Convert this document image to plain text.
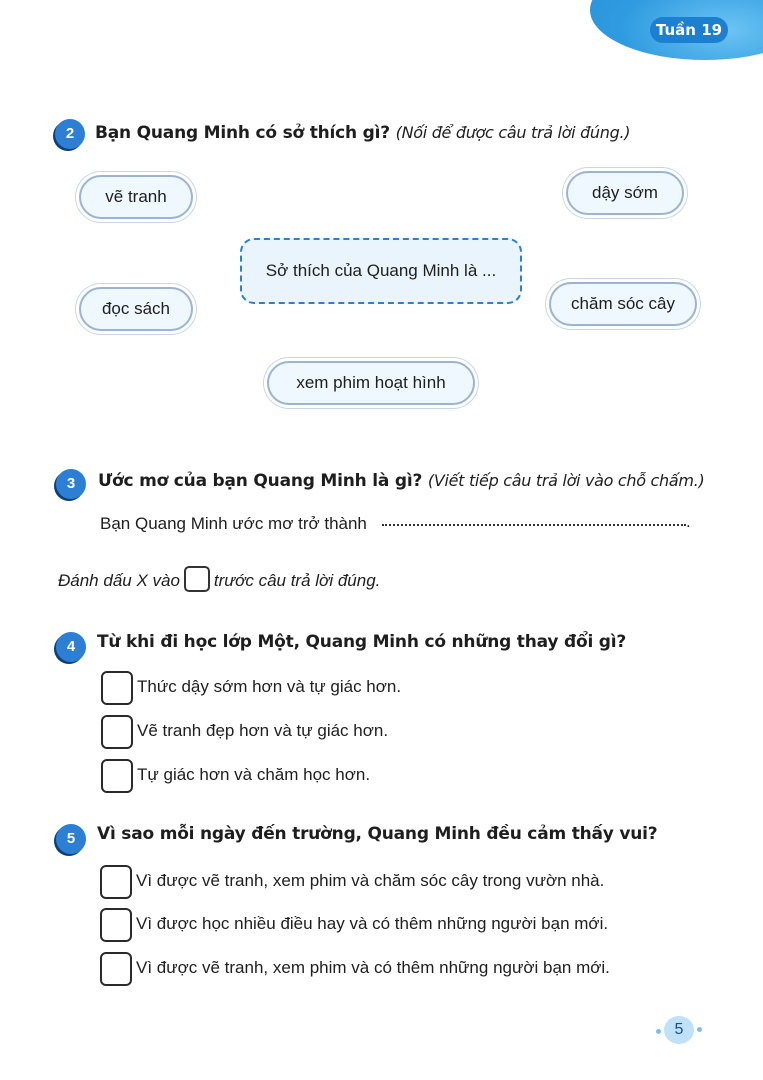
Tuần 19
2	Bạn Quang Minh có sở thích gì? (Nối để được câu trả lời đúng.)
vẽ tranh	dậy sớm
Sở thích của Quang Minh là ...
đọc sách	chăm sóc cây
xem phim hoạt hình
3	Ước mơ của bạn Quang Minh là gì? (Viết tiếp câu trả lời vào chỗ chấm.)
Bạn Quang Minh ước mơ trở thành	.
Đánh dấu X vào trước câu trả lời đúng.
4	Từ khi đi học lớp Một, Quang Minh có những thay đổi gì?
Thức dậy sớm hơn và tự giác hơn.
Vẽ tranh đẹp hơn và tự giác hơn.
Tự giác hơn và chăm học hơn.
5	Vì sao mỗi ngày đến trường, Quang Minh đều cảm thấy vui?
Vì được vẽ tranh, xem phim và chăm sóc cây trong vườn nhà.
Vì được học nhiều điều hay và có thêm những người bạn mới.
Vì được vẽ tranh, xem phim và có thêm những người bạn mới.
5
